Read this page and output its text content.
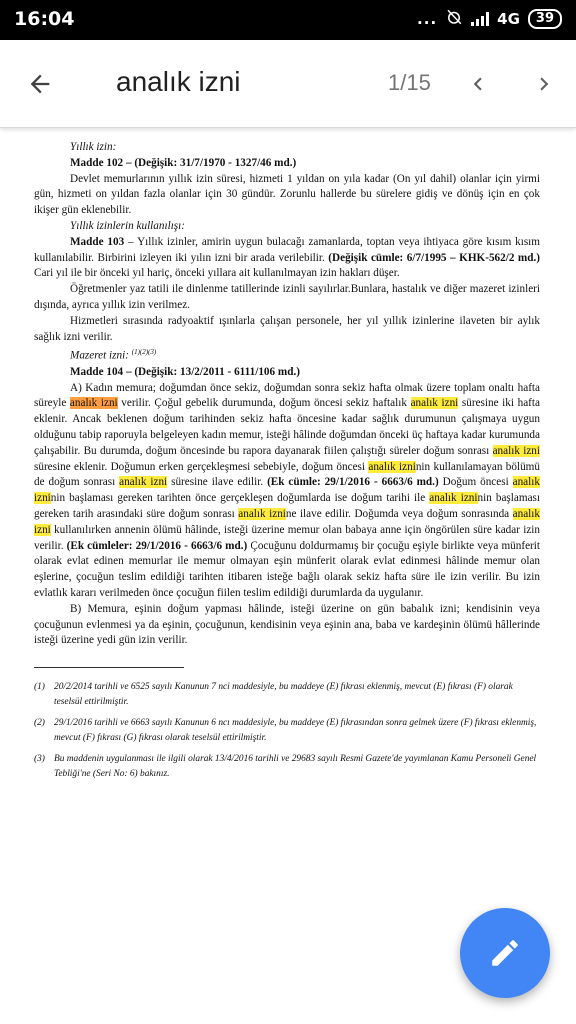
16:04	...	4G	39
analık izni	1/15

Yıllık izin:

Madde 102 – (Değişik: 31/7/1970 - 1327/46 md.)

Devlet memurlarının yıllık izin süresi, hizmeti 1 yıldan on yıla kadar (On yıl dahil) olanlar için yirmi gün, hizmeti on yıldan fazla olanlar için 30 gündür. Zorunlu hallerde bu sürelere gidiş ve dönüş için en çok ikişer gün eklenebilir.

Yıllık izinlerin kullanılışı:

Madde 103 – Yıllık izinler, amirin uygun bulacağı zamanlarda, toptan veya ihtiyaca göre kısım kısım kullanılabilir. Birbirini izleyen iki yılın izni bir arada verilebilir. (Değişik cümle: 6/7/1995 – KHK-562/2 md.) Cari yıl ile bir önceki yıl hariç, önceki yıllara ait kullanılmayan izin hakları düşer.

Öğretmenler yaz tatili ile dinlenme tatillerinde izinli sayılırlar.Bunlara, hastalık ve diğer mazeret izinleri dışında, ayrıca yıllık izin verilmez.

Hizmetleri sırasında radyoaktif ışınlarla çalışan personele, her yıl yıllık izinlerine ilaveten bir aylık sağlık izni verilir.

Mazeret izni: $^{(1)(2)(3)}$

Madde 104 – (Değişik: 13/2/2011 - 6111/106 md.)

A) Kadın memura; doğumdan önce sekiz, doğumdan sonra sekiz hafta olmak üzere toplam onaltı hafta süreyle analık izni verilir. Çoğul gebelik durumunda, doğum öncesi sekiz haftalık analık izni süresine iki hafta eklenir. Ancak beklenen doğum tarihinden sekiz hafta öncesine kadar sağlık durumunun çalışmaya uygun olduğunu tabip raporuyla belgeleyen kadın memur, isteği hâlinde doğumdan önceki üç haftaya kadar kurumunda çalışabilir. Bu durumda, doğum öncesinde bu rapora dayanarak fiilen çalıştığı süreler doğum sonrası analık izni süresine eklenir. Doğumun erken gerçekleşmesi sebebiyle, doğum öncesi analık izninin kullanılamayan bölümü de doğum sonrası analık izni süresine ilave edilir. (Ek cümle: 29/1/2016 - 6663/6 md.) Doğum öncesi analık izninin başlaması gereken tarihten önce gerçekleşen doğumlarda ise doğum tarihi ile analık izninin başlaması gereken tarih arasındaki süre doğum sonrası analık iznine ilave edilir. Doğumda veya doğum sonrasında analık izni kullanılırken annenin ölümü hâlinde, isteği üzerine memur olan babaya anne için öngörülen süre kadar izin verilir. (Ek cümleler: 29/1/2016 - 6663/6 md.) Çocuğunu doldurmamış bir çocuğu eşiyle birlikte veya münferit olarak evlat edinen memurlar ile memur olmayan eşin münferit olarak evlat edinmesi hâlinde memur olan eşlerine, çocuğun teslim edildiği tarihten itibaren isteğe bağlı olarak sekiz hafta süre ile izin verilir. Bu izin evlatlık kararı verilmeden önce çocuğun fiilen teslim edildiği durumlarda da uygulanır.

B) Memura, eşinin doğum yapması hâlinde, isteği üzerine on gün babalık izni; kendisinin veya çocuğunun evlenmesi ya da eşinin, çocuğunun, kendisinin veya eşinin ana, baba ve kardeşinin ölümü hâllerinde isteği üzerine yedi gün izin verilir.

(1) 20/2/2014 tarihli ve 6525 sayılı Kanunun 7 nci maddesiyle, bu maddeye (E) fıkrası eklenmiş, mevcut (E) fıkrası (F) olarak teselsül ettirilmiştir.
(2) 29/1/2016 tarihli ve 6663 sayılı Kanunun 6 ncı maddesiyle, bu maddeye (E) fıkrasından sonra gelmek üzere (F) fıkrası eklenmiş, mevcut (F) fıkrası (G) fıkrası olarak teselsül ettirilmiştir.
(3) Bu maddenin uygulanması ile ilgili olarak 13/4/2016 tarihli ve 29683 sayılı Resmi Gazete'de yayımlanan Kamu Personeli Genel Tebliği'ne (Seri No: 6) bakınız.
